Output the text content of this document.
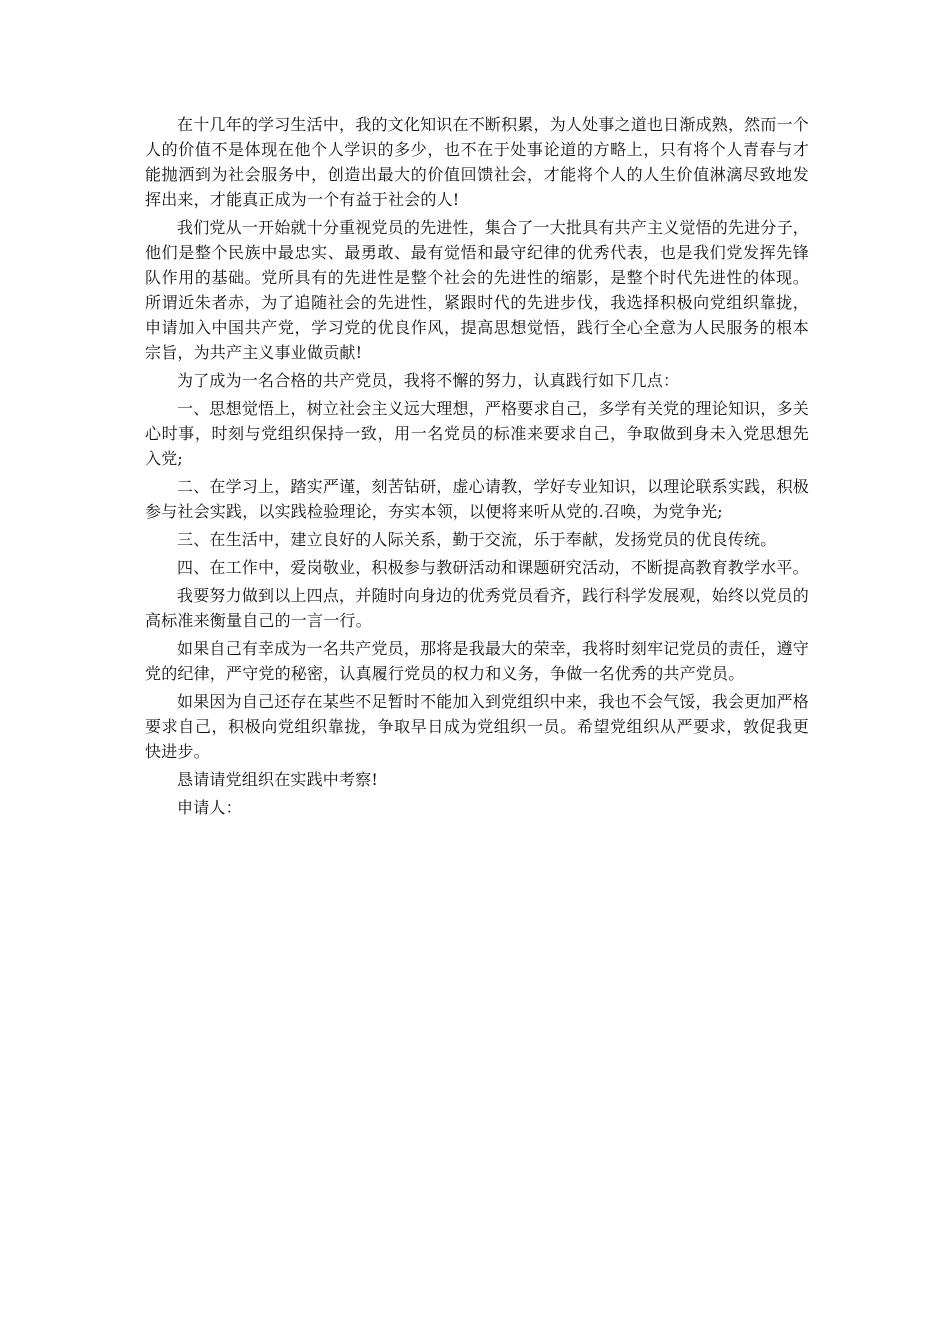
在十几年的学习生活中，我的文化知识在不断积累，为人处事之道也日渐成熟，然而一个人的价值不是体现在他个人学识的多少，也不在于处事论道的方略上，只有将个人青春与才能抛洒到为社会服务中，创造出最大的价值回馈社会，才能将个人的人生价值淋漓尽致地发挥出来，才能真正成为一个有益于社会的人!

我们党从一开始就十分重视党员的先进性，集合了一大批具有共产主义觉悟的先进分子，他们是整个民族中最忠实、最勇敢、最有觉悟和最守纪律的优秀代表，也是我们党发挥先锋队作用的基础。党所具有的先进性是整个社会的先进性的缩影，是整个时代先进性的体现。所谓近朱者赤，为了追随社会的先进性，紧跟时代的先进步伐，我选择积极向党组织靠拢，申请加入中国共产党，学习党的优良作风，提高思想觉悟，践行全心全意为人民服务的根本宗旨，为共产主义事业做贡献!

为了成为一名合格的共产党员，我将不懈的努力，认真践行如下几点：

一、思想觉悟上，树立社会主义远大理想，严格要求自己，多学有关党的理论知识，多关心时事，时刻与党组织保持一致，用一名党员的标准来要求自己，争取做到身未入党思想先入党;

二、在学习上，踏实严谨，刻苦钻研，虚心请教，学好专业知识，以理论联系实践，积极参与社会实践，以实践检验理论，夯实本领，以便将来听从党的.召唤，为党争光;

三、在生活中，建立良好的人际关系，勤于交流，乐于奉献，发扬党员的优良传统。

四、在工作中，爱岗敬业，积极参与教研活动和课题研究活动，不断提高教育教学水平。

我要努力做到以上四点，并随时向身边的优秀党员看齐，践行科学发展观，始终以党员的高标准来衡量自己的一言一行。

如果自己有幸成为一名共产党员，那将是我最大的荣幸，我将时刻牢记党员的责任，遵守党的纪律，严守党的秘密，认真履行党员的权力和义务，争做一名优秀的共产党员。

如果因为自己还存在某些不足暂时不能加入到党组织中来，我也不会气馁，我会更加严格要求自己，积极向党组织靠拢，争取早日成为党组织一员。希望党组织从严要求，敦促我更快进步。

恳请请党组织在实践中考察!

申请人：
